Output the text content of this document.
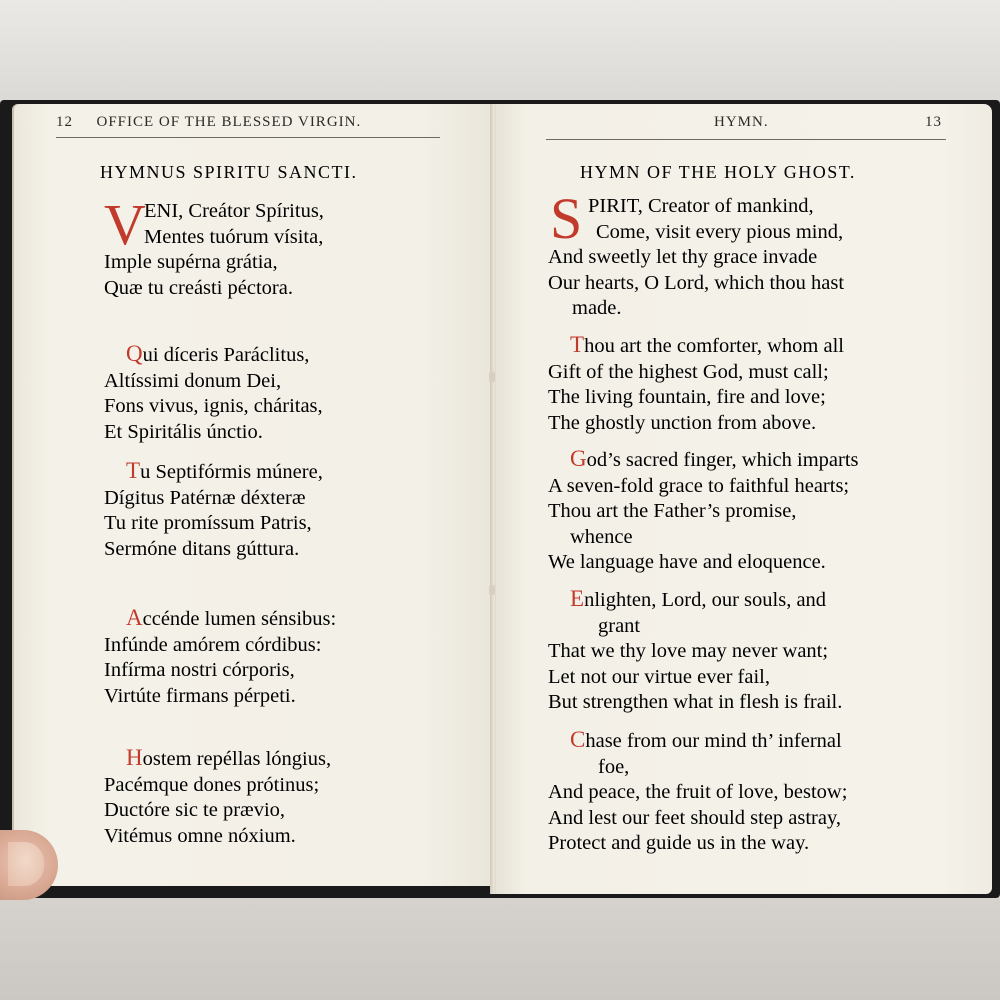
12 OFFICE OF THE BLESSED VIRGIN.
HYMNUS SPIRITU SANCTI.
V
ENI, Creátor Spíritus,
Mentes tuórum vísita,
Imple supérna grátia,
Quæ tu creásti péctora.
Qui díceris Paráclitus,
Altíssimi donum Dei,
Fons vivus, ignis, cháritas,
Et Spiritális únctio.
Tu Septifórmis múnere,
Dígitus Patérnæ déxteræ
Tu rite promíssum Patris,
Sermóne ditans gúttura.
Accénde lumen sénsibus:
Infúnde amórem córdibus:
Infírma nostri córporis,
Virtúte firmans pérpeti.
Hostem repéllas lóngius,
Pacémque dones prótinus;
Ductóre sic te prævio,
Vitémus omne nóxium.
HYMN.	13
HYMN OF THE HOLY GHOST.
S PIRIT, Creator of mankind,
Come, visit every pious mind,
And sweetly let thy grace invade
Our hearts, O Lord, which thou hast
made.
Thou art the comforter, whom all
Gift of the highest God, must call;
The living fountain, fire and love;
The ghostly unction from above.
God’s sacred finger, which imparts
A seven-fold grace to faithful hearts;
Thou art the Father’s promise,
whence
We language have and eloquence.
Enlighten, Lord, our souls, and
grant
That we thy love may never want;
Let not our virtue ever fail,
But strengthen what in flesh is frail.
Chase from our mind th’ infernal
foe,
And peace, the fruit of love, bestow;
And lest our feet should step astray,
Protect and guide us in the way.
